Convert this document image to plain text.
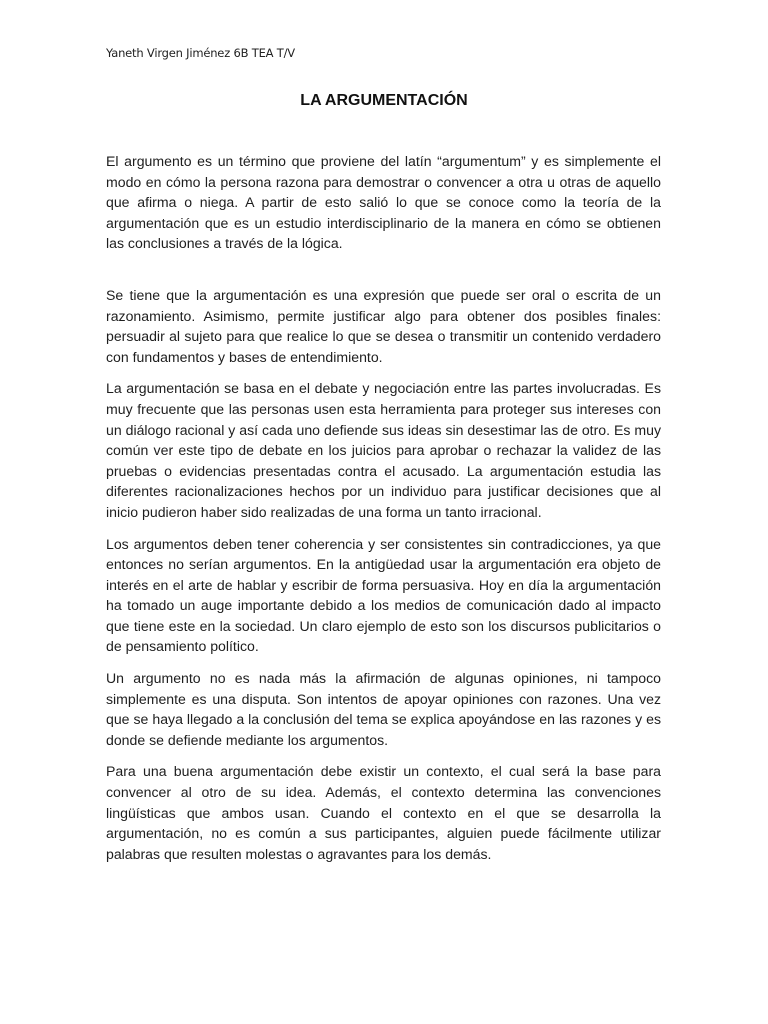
Yaneth Virgen Jiménez 6B TEA T/V
LA ARGUMENTACIÓN

El argumento es un término que proviene del latín “argumentum” y es simplemente el modo en cómo la persona razona para demostrar o convencer a otra u otras de aquello que afirma o niega. A partir de esto salió lo que se conoce como la teoría de la argumentación que es un estudio interdisciplinario de la manera en cómo se obtienen las conclusiones a través de la lógica.

Se tiene que la argumentación es una expresión que puede ser oral o escrita de un razonamiento. Asimismo, permite justificar algo para obtener dos posibles finales: persuadir al sujeto para que realice lo que se desea o transmitir un contenido verdadero con fundamentos y bases de entendimiento.

La argumentación se basa en el debate y negociación entre las partes involucradas. Es muy frecuente que las personas usen esta herramienta para proteger sus intereses con un diálogo racional y así cada uno defiende sus ideas sin desestimar las de otro. Es muy común ver este tipo de debate en los juicios para aprobar o rechazar la validez de las pruebas o evidencias presentadas contra el acusado. La argumentación estudia las diferentes racionalizaciones hechos por un individuo para justificar decisiones que al inicio pudieron haber sido realizadas de una forma un tanto irracional.

Los argumentos deben tener coherencia y ser consistentes sin contradicciones, ya que entonces no serían argumentos. En la antigüedad usar la argumentación era objeto de interés en el arte de hablar y escribir de forma persuasiva. Hoy en día la argumentación ha tomado un auge importante debido a los medios de comunicación dado al impacto que tiene este en la sociedad. Un claro ejemplo de esto son los discursos publicitarios o de pensamiento político.

Un argumento no es nada más la afirmación de algunas opiniones, ni tampoco simplemente es una disputa. Son intentos de apoyar opiniones con razones. Una vez que se haya llegado a la conclusión del tema se explica apoyándose en las razones y es donde se defiende mediante los argumentos.

Para una buena argumentación debe existir un contexto, el cual será la base para convencer al otro de su idea. Además, el contexto determina las convenciones lingüísticas que ambos usan. Cuando el contexto en el que se desarrolla la argumentación, no es común a sus participantes, alguien puede fácilmente utilizar palabras que resulten molestas o agravantes para los demás.
